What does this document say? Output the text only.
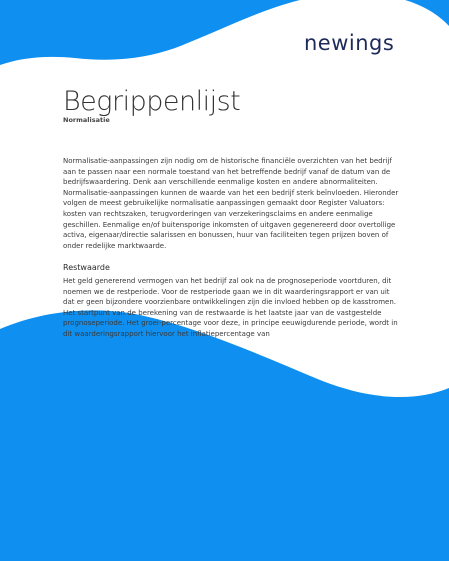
newings
Begrippenlijst
Normalisatie

Normalisatie-aanpassingen zijn nodig om de historische financiële overzichten van het bedrijf aan te passen naar een normale toestand van het betreffende bedrijf vanaf de datum van de bedrijfswaardering. Denk aan verschillende eenmalige kosten en andere abnormaliteiten. Normalisatie-aanpassingen kunnen de waarde van het een bedrijf sterk beïnvloeden. Hieronder volgen de meest gebruikelijke normalisatie aanpassingen gemaakt door Register Valuators: kosten van rechtszaken, terugvorderingen van verzekeringsclaims en andere eenmalige geschillen. Eenmalige en/of buitensporige inkomsten of uitgaven gegenereerd door overtollige activa, eigenaar/directie salarissen en bonussen, huur van faciliteiten tegen prijzen boven of onder redelijke marktwaarde.

Restwaarde

Het geld genererend vermogen van het bedrijf zal ook na de prognoseperiode voortduren, dit noemen we de restperiode. Voor de restperiode gaan we in dit waarderingsrapport er van uit dat er geen bijzondere voorzienbare ontwikkelingen zijn die invloed hebben op de kasstromen. Het startpunt van de berekening van de restwaarde is het laatste jaar van de vastgestelde prognoseperiode. Het groei-percentage voor deze, in principe eeuwigdurende periode, wordt in dit waarderingsrapport hiervoor het inflatiepercentage van
